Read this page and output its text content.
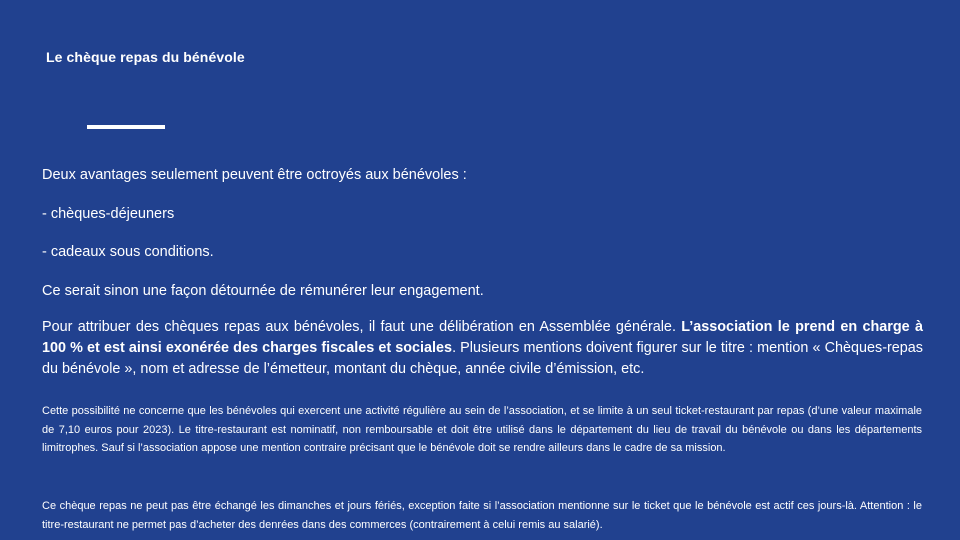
Le chèque repas du bénévole
Deux avantages seulement peuvent être octroyés aux bénévoles :
- chèques-déjeuners
- cadeaux sous conditions.
Ce serait sinon une façon détournée de rémunérer leur engagement.
Pour attribuer des chèques repas aux bénévoles, il faut une délibération en Assemblée générale. L’association le prend en charge à 100 % et est ainsi exonérée des charges fiscales et sociales. Plusieurs mentions doivent figurer sur le titre : mention « Chèques-repas du bénévole », nom et adresse de l’émetteur, montant du chèque, année civile d’émission, etc.
Cette possibilité ne concerne que les bénévoles qui exercent une activité régulière au sein de l’association, et se limite à un seul ticket-restaurant par repas (d’une valeur maximale de 7,10 euros pour 2023). Le titre-restaurant est nominatif, non remboursable et doit être utilisé dans le département du lieu de travail du bénévole ou dans les départements limitrophes. Sauf si l’association appose une mention contraire précisant que le bénévole doit se rendre ailleurs dans le cadre de sa mission.
Ce chèque repas ne peut pas être échangé les dimanches et jours fériés, exception faite si l’association mentionne sur le ticket que le bénévole est actif ces jours-là. Attention : le titre-restaurant ne permet pas d’acheter des denrées dans des commerces (contrairement à celui remis au salarié).
